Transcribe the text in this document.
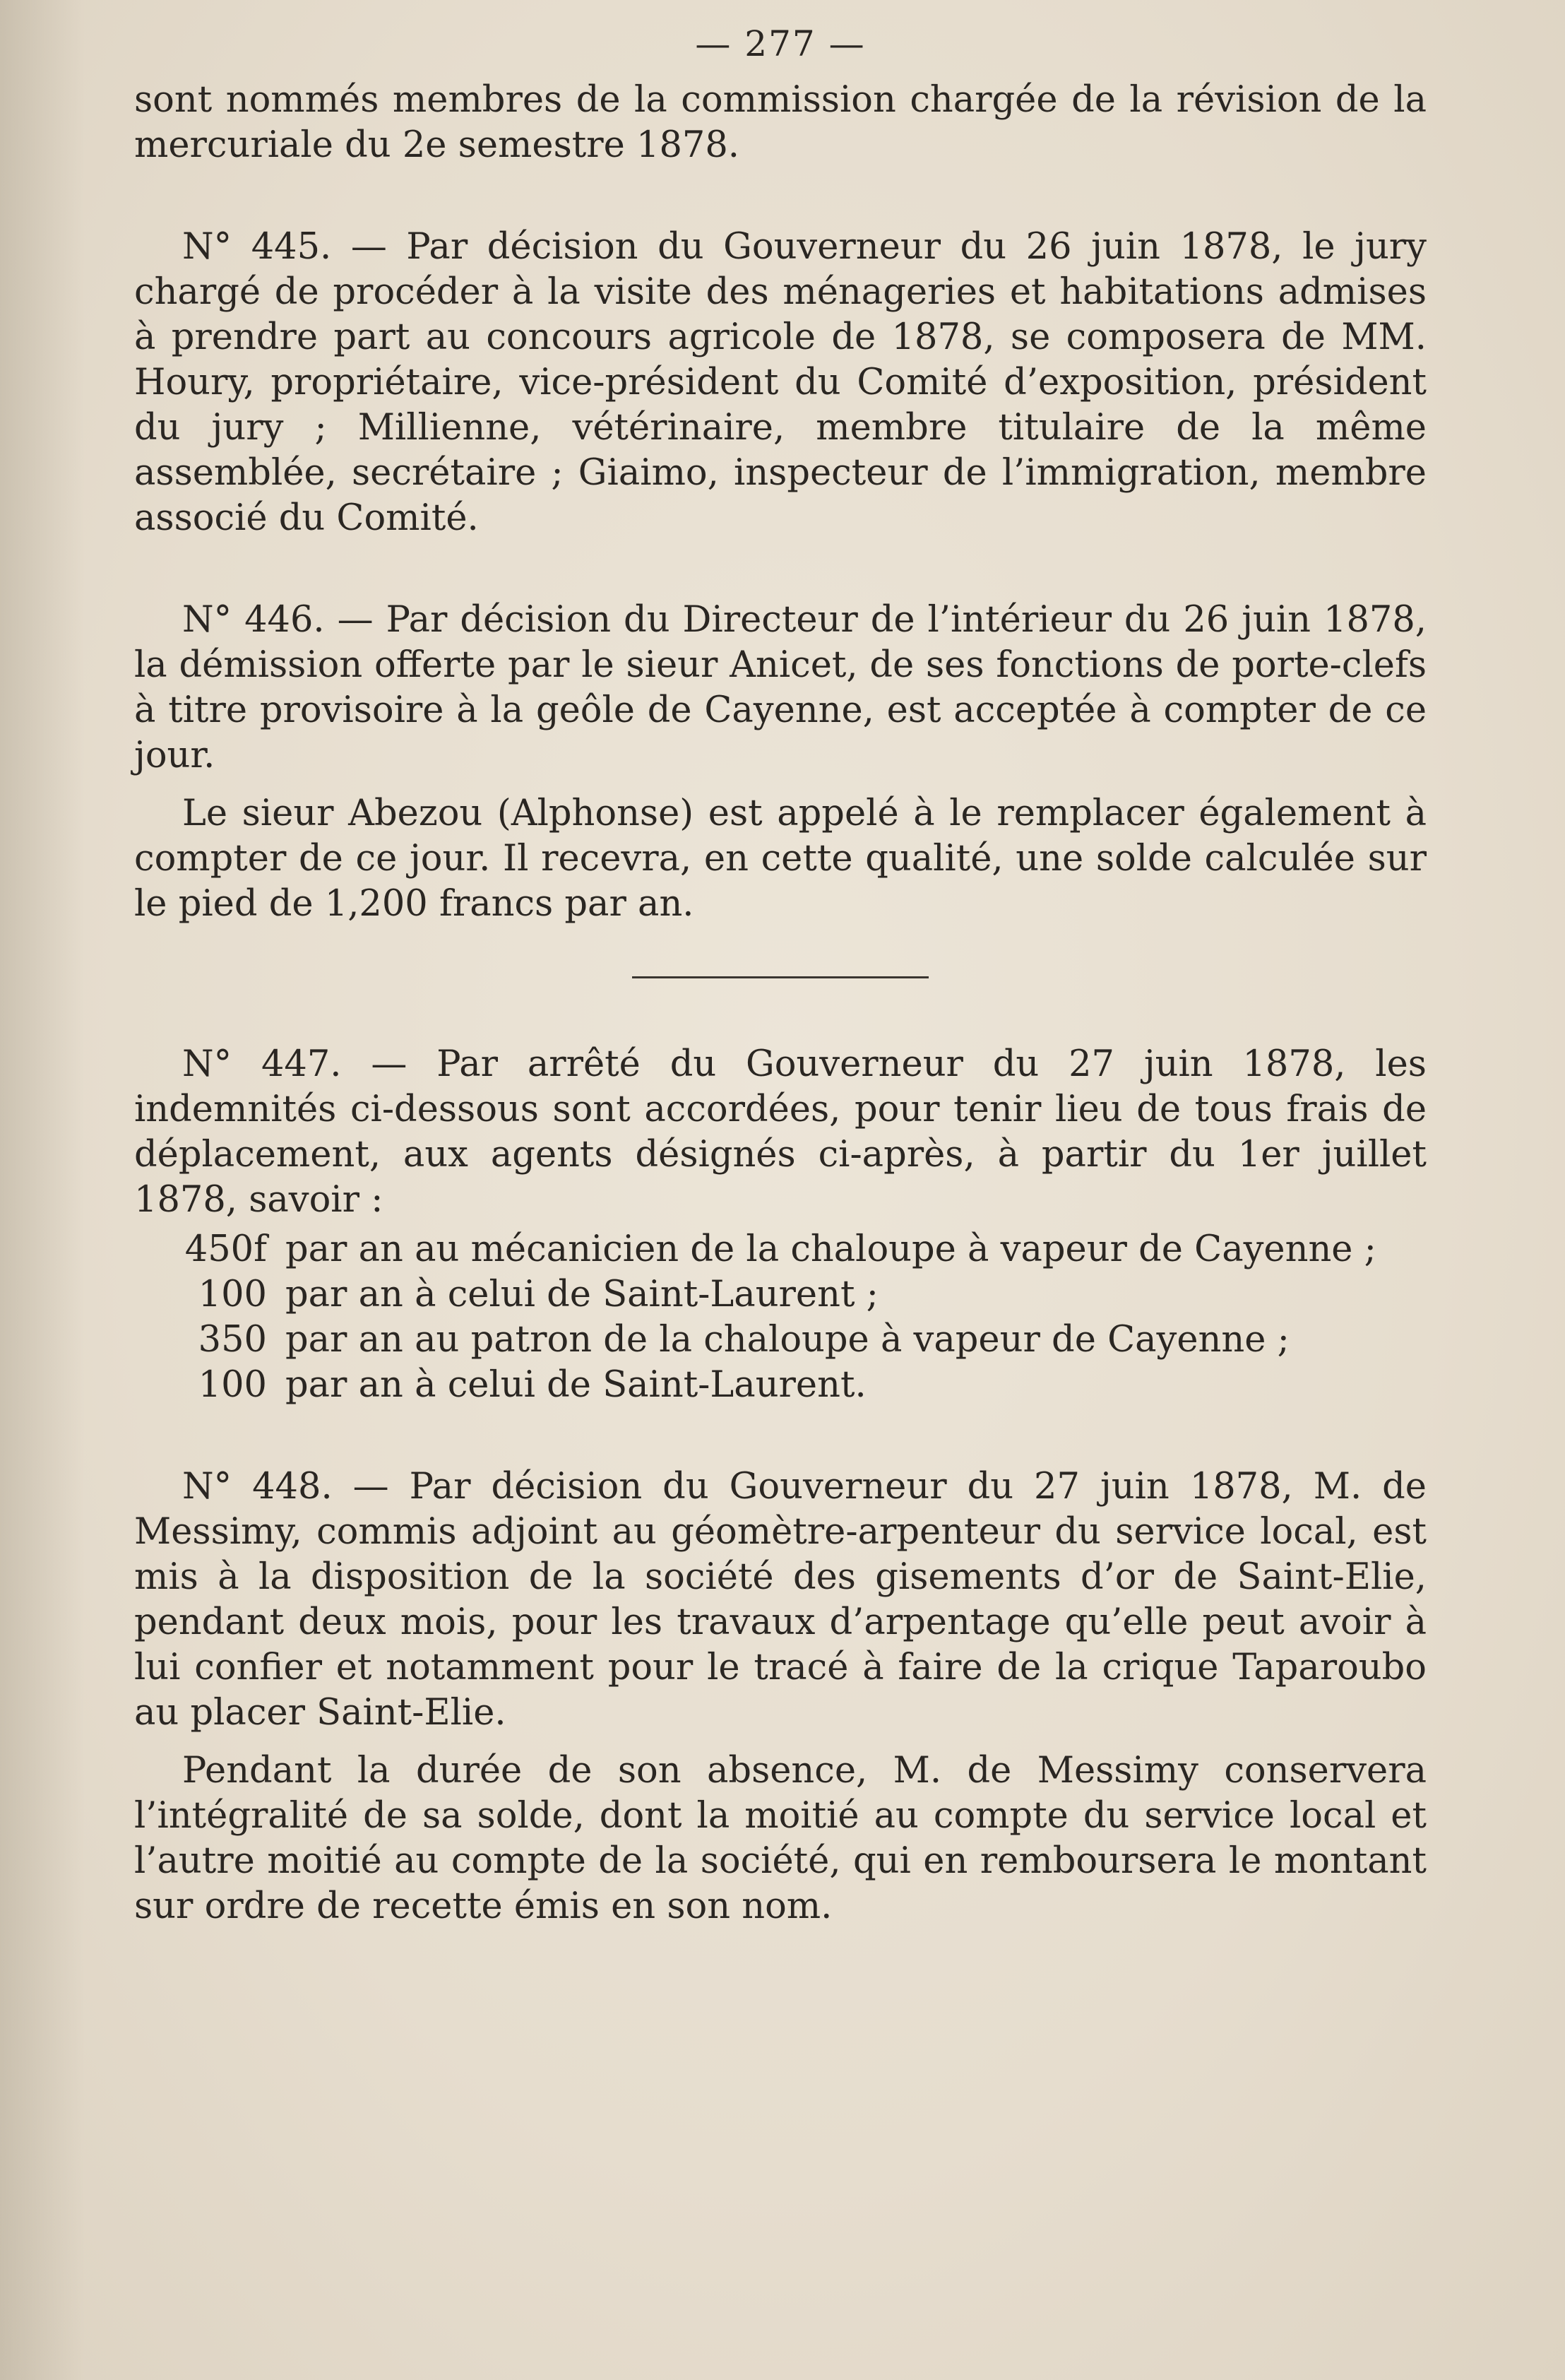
— 277 —

sont nommés membres de la commission chargée de la révision de la mercuriale du 2e semestre 1878.

N° 445. — Par décision du Gouverneur du 26 juin 1878, le jury chargé de procéder à la visite des ménageries et habitations admises à prendre part au concours agricole de 1878, se composera de MM. Houry, propriétaire, vice-président du Comité d’exposition, président du jury ; Millienne, vétérinaire, membre titulaire de la même assemblée, secrétaire ; Giaimo, inspecteur de l’immigration, membre associé du Comité.

N° 446. — Par décision du Directeur de l’intérieur du 26 juin 1878, la démission offerte par le sieur Anicet, de ses fonctions de porte-clefs à titre provisoire à la geôle de Cayenne, est acceptée à compter de ce jour.

Le sieur Abezou (Alphonse) est appelé à le remplacer également à compter de ce jour. Il recevra, en cette qualité, une solde calculée sur le pied de 1,200 francs par an.

N° 447. — Par arrêté du Gouverneur du 27 juin 1878, les indemnités ci-dessous sont accordées, pour tenir lieu de tous frais de déplacement, aux agents désignés ci-après, à partir du 1er juillet 1878, savoir :

450f par an au mécanicien de la chaloupe à vapeur de Cayenne ;
100 par an à celui de Saint-Laurent ;
350 par an au patron de la chaloupe à vapeur de Cayenne ;
100 par an à celui de Saint-Laurent.

N° 448. — Par décision du Gouverneur du 27 juin 1878, M. de Messimy, commis adjoint au géomètre-arpenteur du service local, est mis à la disposition de la société des gisements d’or de Saint-Elie, pendant deux mois, pour les travaux d’arpentage qu’elle peut avoir à lui confier et notamment pour le tracé à faire de la crique Taparoubo au placer Saint-Elie.

Pendant la durée de son absence, M. de Messimy conservera l’intégralité de sa solde, dont la moitié au compte du service local et l’autre moitié au compte de la société, qui en remboursera le montant sur ordre de recette émis en son nom.
